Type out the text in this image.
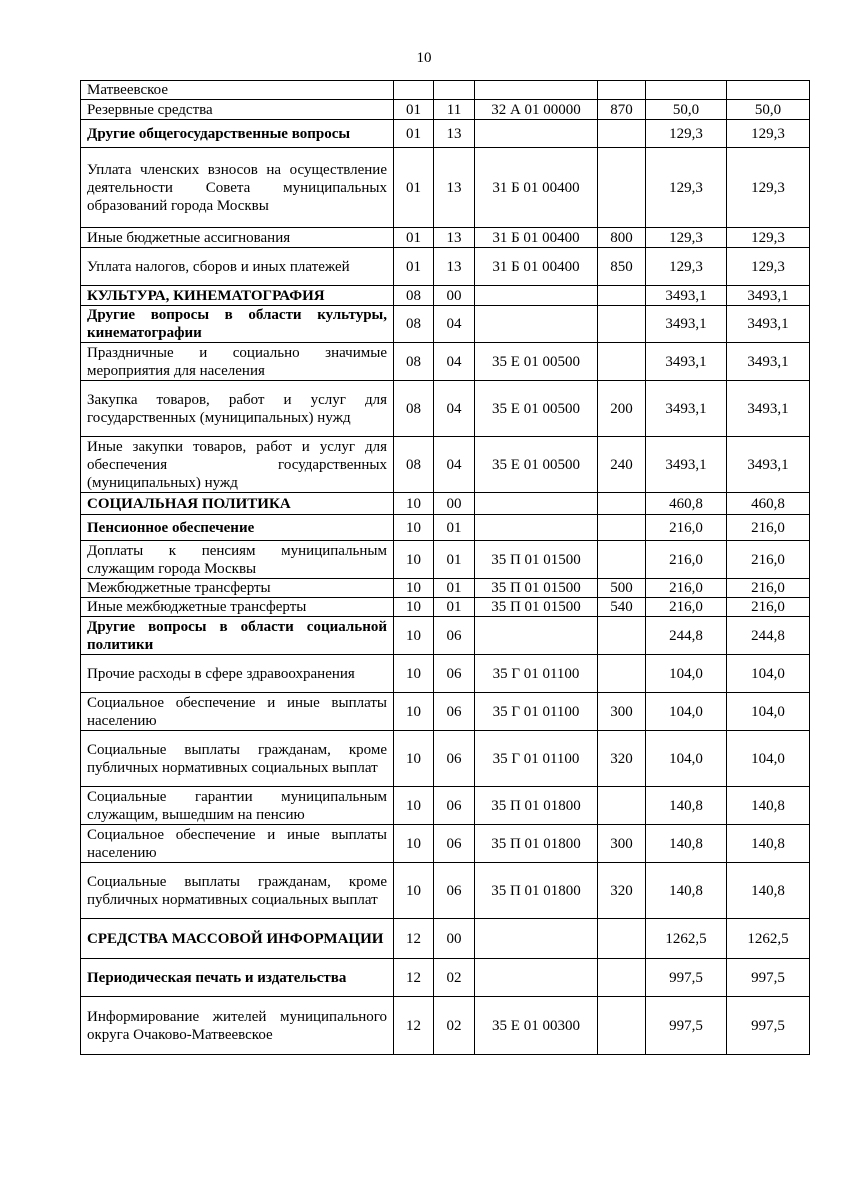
10
Матвеевское						
Резервные средства	01	11	32 А 01 00000	870	50,0	50,0
Другие общегосударственные вопросы	01	13			129,3	129,3
Уплата членских взносов на осуществление деятельности Совета муниципальных образований города Москвы	01	13	31 Б 01 00400		129,3	129,3
Иные бюджетные ассигнования	01	13	31 Б 01 00400	800	129,3	129,3
Уплата налогов, сборов и иных платежей	01	13	31 Б 01 00400	850	129,3	129,3
КУЛЬТУРА, КИНЕМАТОГРАФИЯ	08	00			3493,1	3493,1
Другие вопросы в области культуры, кинематографии	08	04			3493,1	3493,1
Праздничные и социально значимые мероприятия для населения	08	04	35 Е 01 00500		3493,1	3493,1
Закупка товаров, работ и услуг для государственных (муниципальных) нужд	08	04	35 Е 01 00500	200	3493,1	3493,1
Иные закупки товаров, работ и услуг для обеспечения государственных (муниципальных) нужд	08	04	35 Е 01 00500	240	3493,1	3493,1
СОЦИАЛЬНАЯ ПОЛИТИКА	10	00			460,8	460,8
Пенсионное обеспечение	10	01			216,0	216,0
Доплаты к пенсиям муниципальным служащим города Москвы	10	01	35 П 01 01500		216,0	216,0
Межбюджетные трансферты	10	01	35 П 01 01500	500	216,0	216,0
Иные межбюджетные трансферты	10	01	35 П 01 01500	540	216,0	216,0
Другие вопросы в области социальной политики	10	06			244,8	244,8
Прочие расходы в сфере здравоохранения	10	06	35 Г 01 01100		104,0	104,0
Социальное обеспечение и иные выплаты населению	10	06	35 Г 01 01100	300	104,0	104,0
Социальные выплаты гражданам, кроме публичных нормативных социальных выплат	10	06	35 Г 01 01100	320	104,0	104,0
Социальные гарантии муниципальным служащим, вышедшим на пенсию	10	06	35 П 01 01800		140,8	140,8
Социальное обеспечение и иные выплаты населению	10	06	35 П 01 01800	300	140,8	140,8
Социальные выплаты гражданам, кроме публичных нормативных социальных выплат	10	06	35 П 01 01800	320	140,8	140,8
СРЕДСТВА МАССОВОЙ ИНФОРМАЦИИ	12	00			1262,5	1262,5
Периодическая печать и издательства	12	02			997,5	997,5
Информирование жителей муниципального округа Очаково-Матвеевское	12	02	35 Е 01 00300		997,5	997,5
